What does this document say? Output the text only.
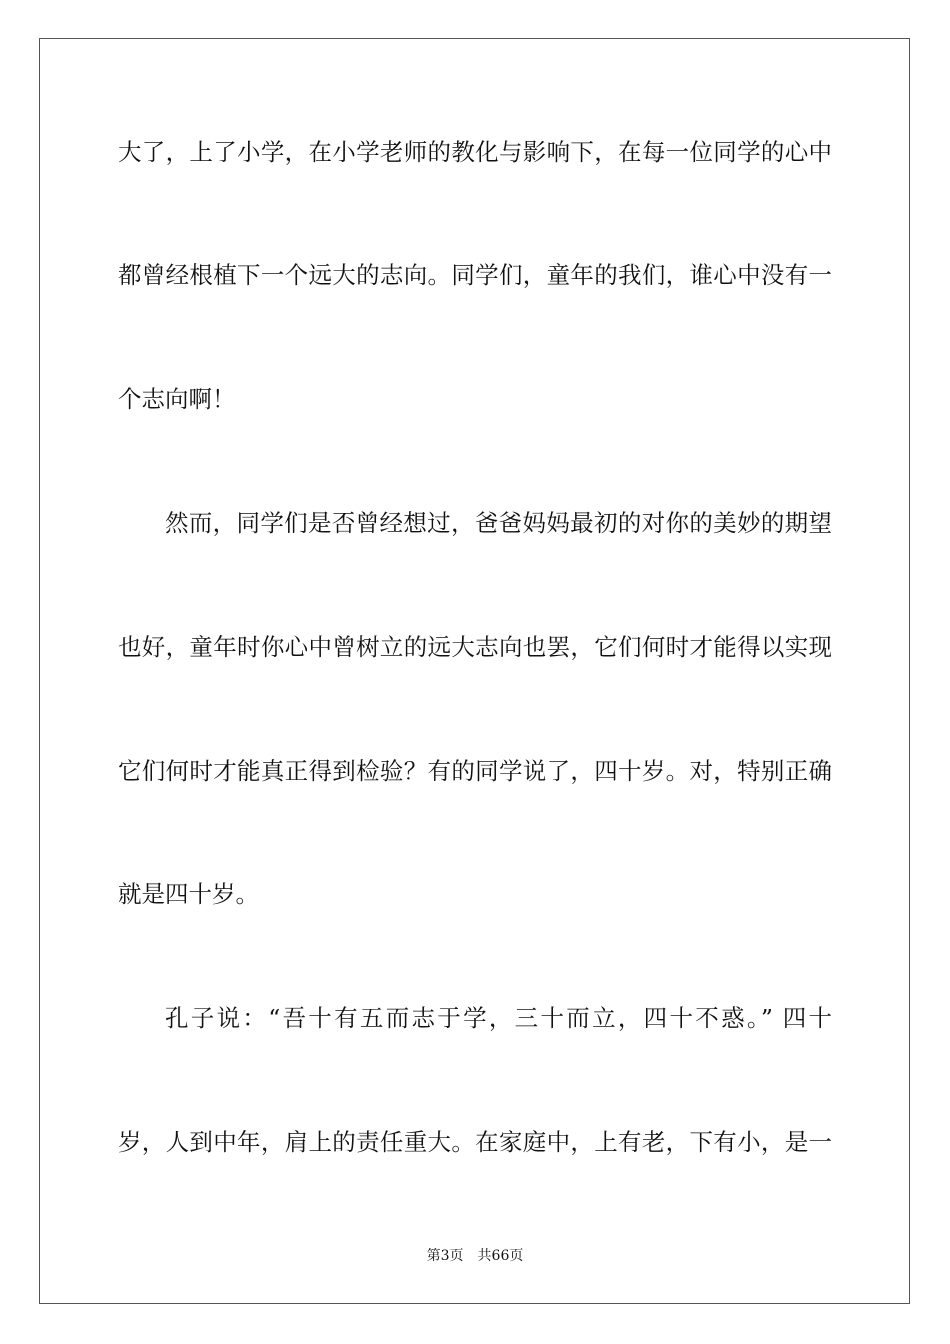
大了，上了小学，在小学老师的教化与影响下，在每一位同学的心中
都曾经根植下一个远大的志向。同学们，童年的我们，谁心中没有一
个志向啊！
然而，同学们是否曾经想过，爸爸妈妈最初的对你的美妙的期望
也好，童年时你心中曾树立的远大志向也罢，它们何时才能得以实现
它们何时才能真正得到检验？有的同学说了，四十岁。对，特别正确
就是四十岁。
孔子说：“吾十有五而志于学，三十而立，四十不惑。” 四十
岁，人到中年，肩上的责任重大。在家庭中，上有老，下有小，是一
第3页 共66页
